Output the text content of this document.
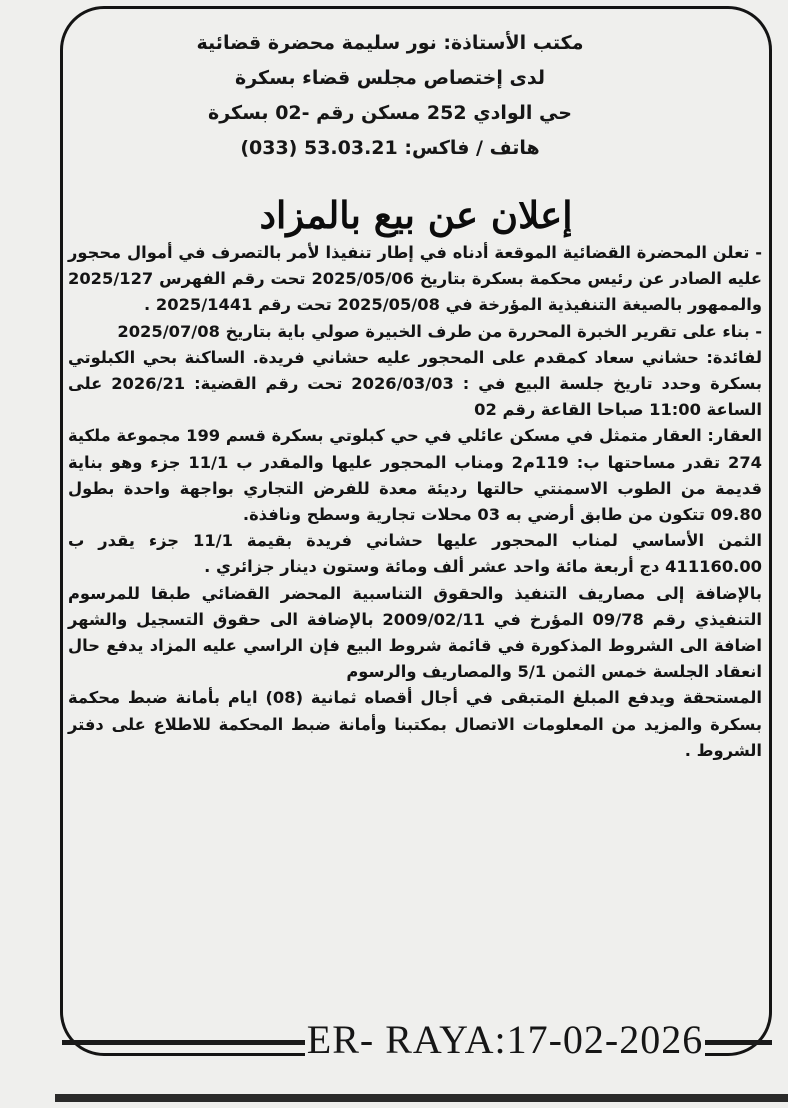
مكتب الأستاذة: نور سليمة محضرة قضائية
لدى إختصاص مجلس قضاء بسكرة
حي الوادي 252 مسكن رقم -02 بسكرة
هاتف / فاكس: 53.03.21 (033)
إعلان عن بيع بالمزاد

- تعلن المحضرة القضائية الموقعة أدناه في إطار تنفيذا لأمر بالتصرف في أموال محجور عليه الصادر عن رئيس محكمة بسكرة بتاريخ 2025/05/06 تحت رقم الفهرس 2025/127 والممهور بالصيغة التنفيذية المؤرخة في 2025/05/08 تحت رقم 2025/1441 .

- بناء على تقرير الخبرة المحررة من طرف الخبيرة صولي باية بتاريخ 2025/07/08

لفائدة: حشاني سعاد كمقدم على المحجور عليه حشاني فريدة. الساكنة بحي الكبلوتي بسكرة وحدد تاريخ جلسة البيع في : 2026/03/03 تحت رقم القضية: 2026/21 على الساعة 11:00 صباحا القاعة رقم 02

العقار: العقار متمثل في مسكن عائلي في حي كبلوتي بسكرة قسم 199 مجموعة ملكية 274 تقدر مساحتها ب: 119م2 ومناب المحجور عليها والمقدر ب 11/1 جزء وهو بناية قديمة من الطوب الاسمنتي حالتها رديئة معدة للفرض التجاري بواجهة واحدة بطول 09.80 تتكون من طابق أرضي به 03 محلات تجارية وسطح ونافذة.

الثمن الأساسي لمناب المحجور عليها حشاني فريدة بقيمة 11/1 جزء يقدر ب 411160.00 دج أربعة مائة واحد عشر ألف ومائة وستون دينار جزائري .

بالإضافة إلى مصاريف التنفيذ والحقوق التناسبية المحضر القضائي طبقا للمرسوم التنفيذي رقم 09/78 المؤرخ في 2009/02/11 بالإضافة الى حقوق التسجيل والشهر اضافة الى الشروط المذكورة في قائمة شروط البيع فإن الراسي عليه المزاد يدفع حال انعقاد الجلسة خمس الثمن 5/1 والمصاريف والرسوم

المستحقة ويدفع المبلغ المتبقى في أجال أقصاه ثمانية (08) ايام بأمانة ضبط محكمة بسكرة والمزيد من المعلومات الاتصال بمكتبنا وأمانة ضبط المحكمة للاطلاع على دفتر الشروط .

ER- RAYA:17-02-2026
